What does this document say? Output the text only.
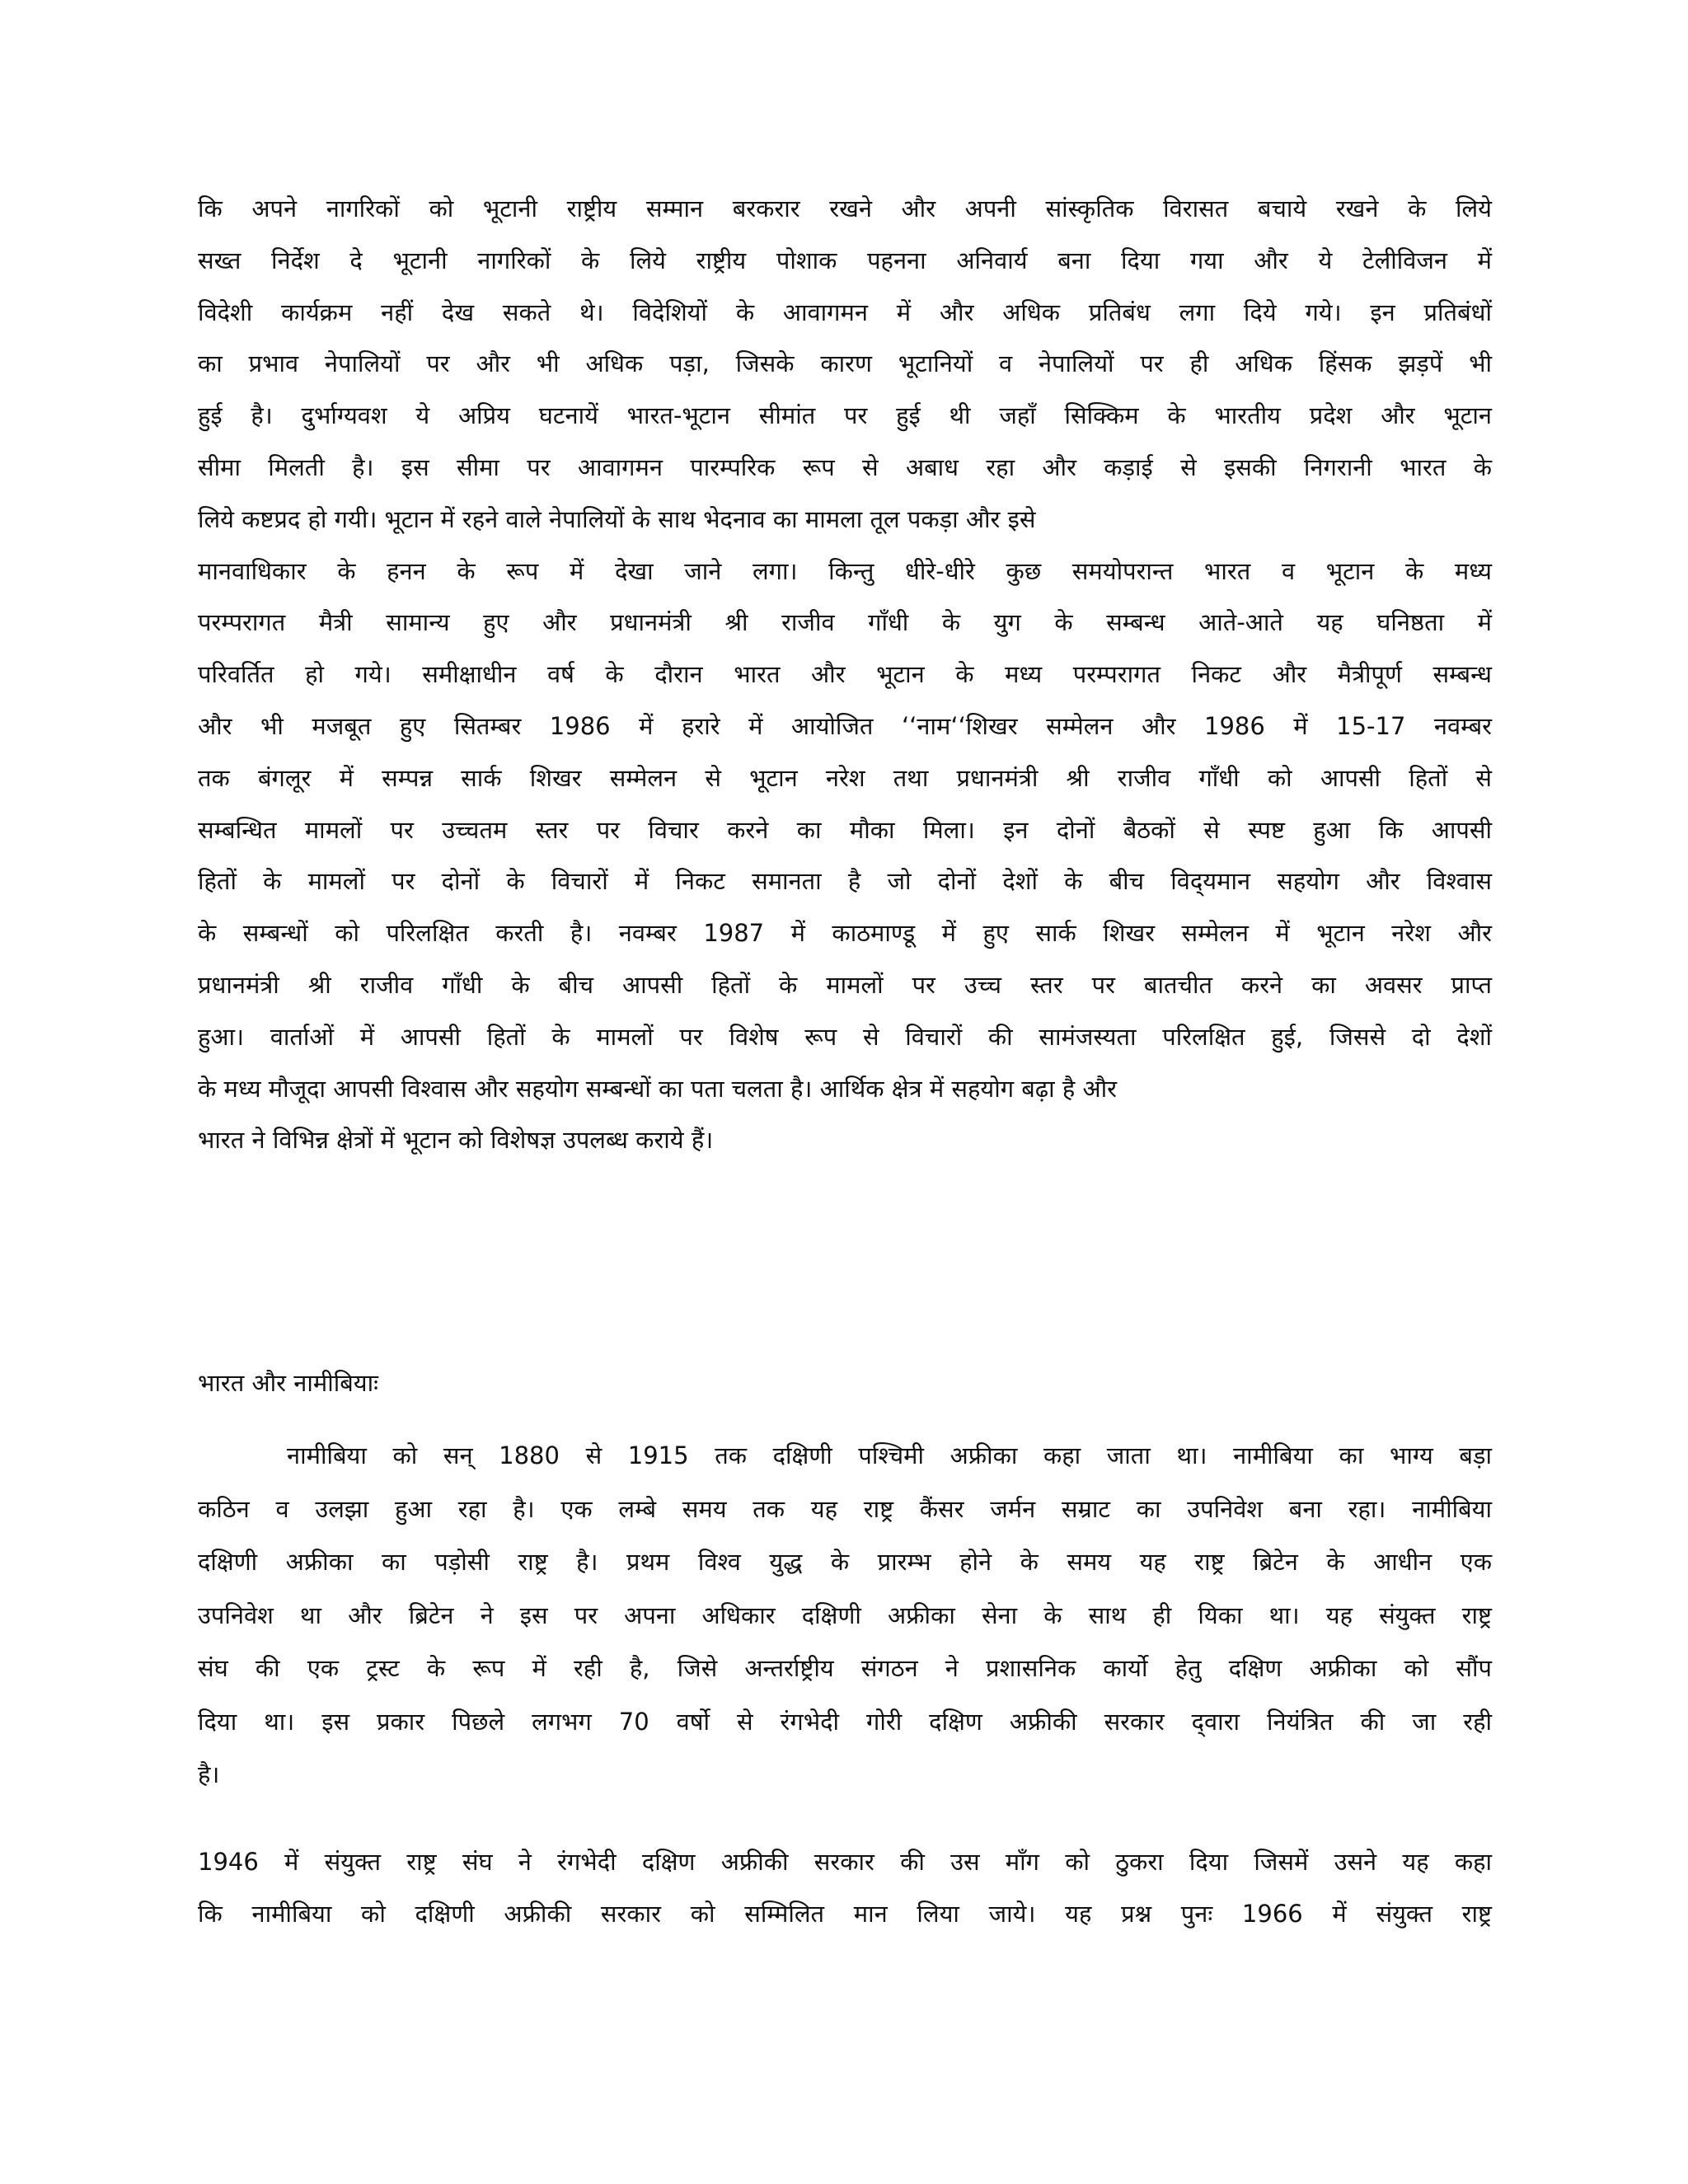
कि अपने नागरिकों को भूटानी राष्ट्रीय सम्मान बरकरार रखने और अपनी सांस्कृतिक विरासत बचाये रखने के लिये
सख्त निर्देश दे भूटानी नागरिकों के लिये राष्ट्रीय पोशाक पहनना अनिवार्य बना दिया गया और ये टेलीविजन में
विदेशी कार्यक्रम नहीं देख सकते थे। विदेशियों के आवागमन में और अधिक प्रतिबंध लगा दिये गये। इन प्रतिबंधों
का प्रभाव नेपालियों पर और भी अधिक पड़ा, जिसके कारण भूटानियों व नेपालियों पर ही अधिक हिंसक झड़पें भी
हुई है। दुर्भाग्यवश ये अप्रिय घटनायें भारत-भूटान सीमांत पर हुई थी जहाँ सिक्किम के भारतीय प्रदेश और भूटान
सीमा मिलती है। इस सीमा पर आवागमन पारम्परिक रूप से अबाध रहा और कड़ाई से इसकी निगरानी भारत के
लिये कष्टप्रद हो गयी। भूटान में रहने वाले नेपालियों के साथ भेदनाव का मामला तूल पकड़ा और इसे
मानवाधिकार के हनन के रूप में देखा जाने लगा। किन्तु धीरे-धीरे कुछ समयोपरान्त भारत व भूटान के मध्य
परम्परागत मैत्री सामान्य हुए और प्रधानमंत्री श्री राजीव गाँधी के युग के सम्बन्ध आते-आते यह घनिष्ठता में
परिवर्तित हो गये। समीक्षाधीन वर्ष के दौरान भारत और भूटान के मध्य परम्परागत निकट और मैत्रीपूर्ण सम्बन्ध
और भी मजबूत हुए सितम्बर 1986 में हरारे में आयोजित ‘‘नाम‘‘शिखर सम्मेलन और 1986 में 15-17 नवम्बर
तक बंगलूर में सम्पन्न सार्क शिखर सम्मेलन से भूटान नरेश तथा प्रधानमंत्री श्री राजीव गाँधी को आपसी हितों से
सम्बन्धित मामलों पर उच्चतम स्तर पर विचार करने का मौका मिला। इन दोनों बैठकों से स्पष्ट हुआ कि आपसी
हितों के मामलों पर दोनों के विचारों में निकट समानता है जो दोनों देशों के बीच विद्‌यमान सहयोग और विश्वास
के सम्बन्धों को परिलक्षित करती है। नवम्बर 1987 में काठमाण्डू में हुए सार्क शिखर सम्मेलन में भूटान नरेश और
प्रधानमंत्री श्री राजीव गाँधी के बीच आपसी हितों के मामलों पर उच्च स्तर पर बातचीत करने का अवसर प्राप्त
हुआ। वार्ताओं में आपसी हितों के मामलों पर विशेष रूप से विचारों की सामंजस्यता परिलक्षित हुई, जिससे दो देशों
के मध्य मौजूदा आपसी विश्वास और सहयोग सम्बन्धों का पता चलता है। आर्थिक क्षेत्र में सहयोग बढ़ा है और
भारत ने विभिन्न क्षेत्रों में भूटान को विशेषज्ञ उपलब्ध कराये हैं।
भारत और नामीबियाः
नामीबिया को सन् 1880 से 1915 तक दक्षिणी पश्चिमी अफ्रीका कहा जाता था। नामीबिया का भाग्य बड़ा
कठिन व उलझा हुआ रहा है। एक लम्बे समय तक यह राष्ट्र कैंसर जर्मन सम्राट का उपनिवेश बना रहा। नामीबिया
दक्षिणी अफ्रीका का पड़ोसी राष्ट्र है। प्रथम विश्व युद्ध के प्रारम्भ होने के समय यह राष्ट्र ब्रिटेन के आधीन एक
उपनिवेश था और ब्रिटेन ने इस पर अपना अधिकार दक्षिणी अफ्रीका सेना के साथ ही यिका था। यह संयुक्त राष्ट्र
संघ की एक ट्रस्ट के रूप में रही है, जिसे अन्तर्राष्ट्रीय संगठन ने प्रशासनिक कार्यो हेतु दक्षिण अफ्रीका को सौंप
दिया था। इस प्रकार पिछले लगभग 70 वर्षो से रंगभेदी गोरी दक्षिण अफ्रीकी सरकार द्‌वारा नियंत्रित की जा रही
है।
1946 में संयुक्त राष्ट्र संघ ने रंगभेदी दक्षिण अफ्रीकी सरकार की उस माँग को ठुकरा दिया जिसमें उसने यह कहा
कि नामीबिया को दक्षिणी अफ्रीकी सरकार को सम्मिलित मान लिया जाये। यह प्रश्न पुनः 1966 में संयुक्त राष्ट्र
